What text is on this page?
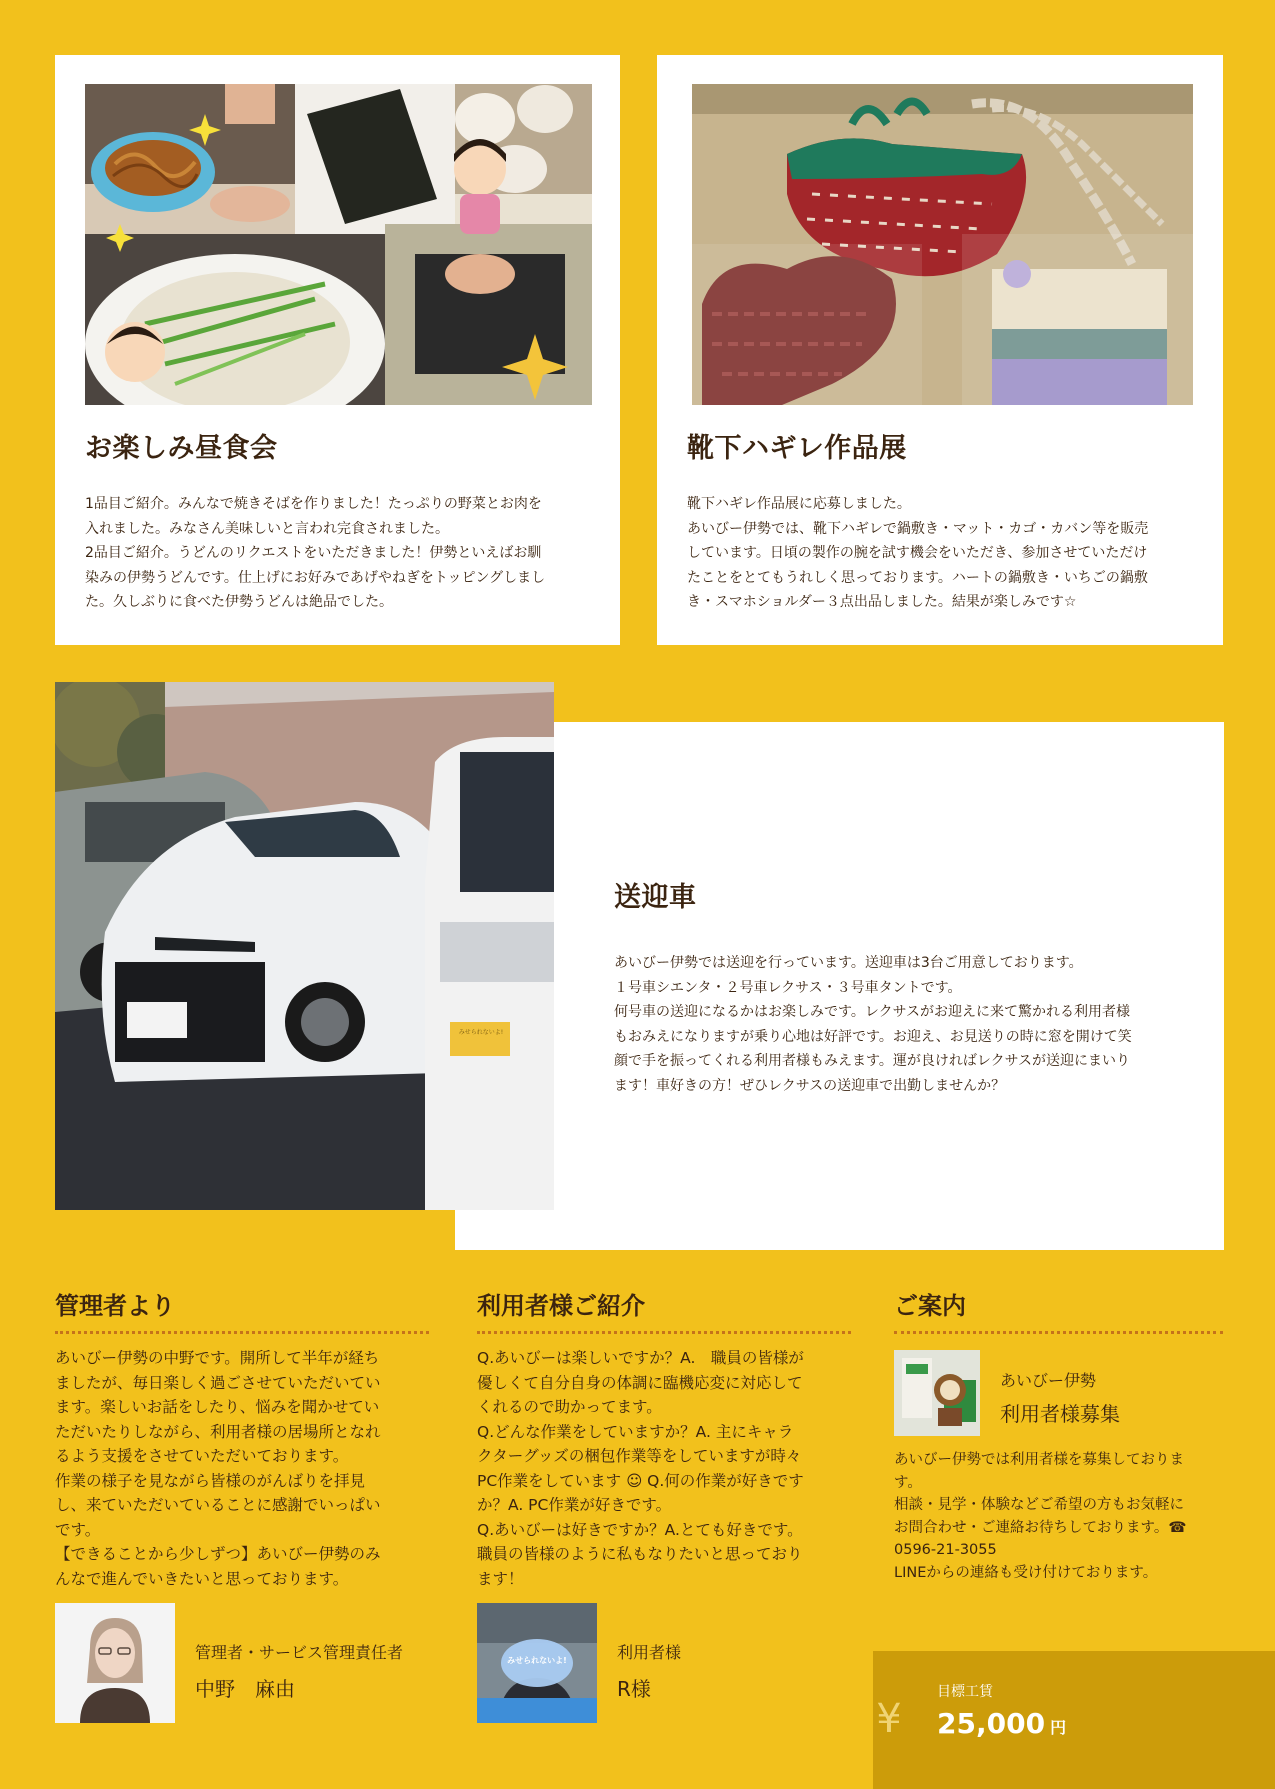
お楽しみ昼食会
1品目ご紹介。みんなで焼きそばを作りました！たっぷりの野菜とお肉を
入れました。みなさん美味しいと言われ完食されました。
2品目ご紹介。うどんのリクエストをいただきました！伊勢といえばお馴
染みの伊勢うどんです。仕上げにお好みであげやねぎをトッピングしまし
た。久しぶりに食べた伊勢うどんは絶品でした。
靴下ハギレ作品展
靴下ハギレ作品展に応募しました。
あいびー伊勢では、靴下ハギレで鍋敷き・マット・カゴ・カバン等を販売
しています。日頃の製作の腕を試す機会をいただき、参加させていただけ
たことをとてもうれしく思っております。ハートの鍋敷き・いちごの鍋敷
き・スマホショルダー３点出品しました。結果が楽しみです☆
送迎車
あいびー伊勢では送迎を行っています。送迎車は3台ご用意しております。
１号車シエンタ・２号車レクサス・３号車タントです。
何号車の送迎になるかはお楽しみです。レクサスがお迎えに来て驚かれる利用者様
もおみえになりますが乗り心地は好評です。お迎え、お見送りの時に窓を開けて笑
顔で手を振ってくれる利用者様もみえます。運が良ければレクサスが送迎にまいり
ます！車好きの方！ぜひレクサスの送迎車で出勤しませんか？
管理者より
あいびー伊勢の中野です。開所して半年が経ち
ましたが、毎日楽しく過ごさせていただいてい
ます。楽しいお話をしたり、悩みを聞かせてい
ただいたりしながら、利用者様の居場所となれ
るよう支援をさせていただいております。
作業の様子を見ながら皆様のがんばりを拝見
し、来ていただいていることに感謝でいっぱい
です。
【できることから少しずつ】あいびー伊勢のみ
んなで進んでいきたいと思っております。
管理者・サービス管理責任者
中野　麻由
利用者様ご紹介
Q.あいびーは楽しいですか？A.　職員の皆様が
優しくて自分自身の体調に臨機応変に対応して
くれるので助かってます。
Q.どんな作業をしていますか？A. 主にキャラ
クターグッズの梱包作業等をしていますが時々
PC作業をしています ☺ Q.何の作業が好きです
か？A. PC作業が好きです。
Q.あいびーは好きですか？A.とても好きです。
職員の皆様のように私もなりたいと思っており
ます！
みせられないよ!	利用者様
R様
ご案内
あいびー伊勢
利用者様募集
あいびー伊勢では利用者様を募集しておりま
す。
相談・見学・体験などご希望の方もお気軽に
お問合わせ・ご連絡お待ちしております。☎
0596-21-3055
LINEからの連絡も受け付けております。
¥
目標工賃
25,000 円
みせられないよ!
